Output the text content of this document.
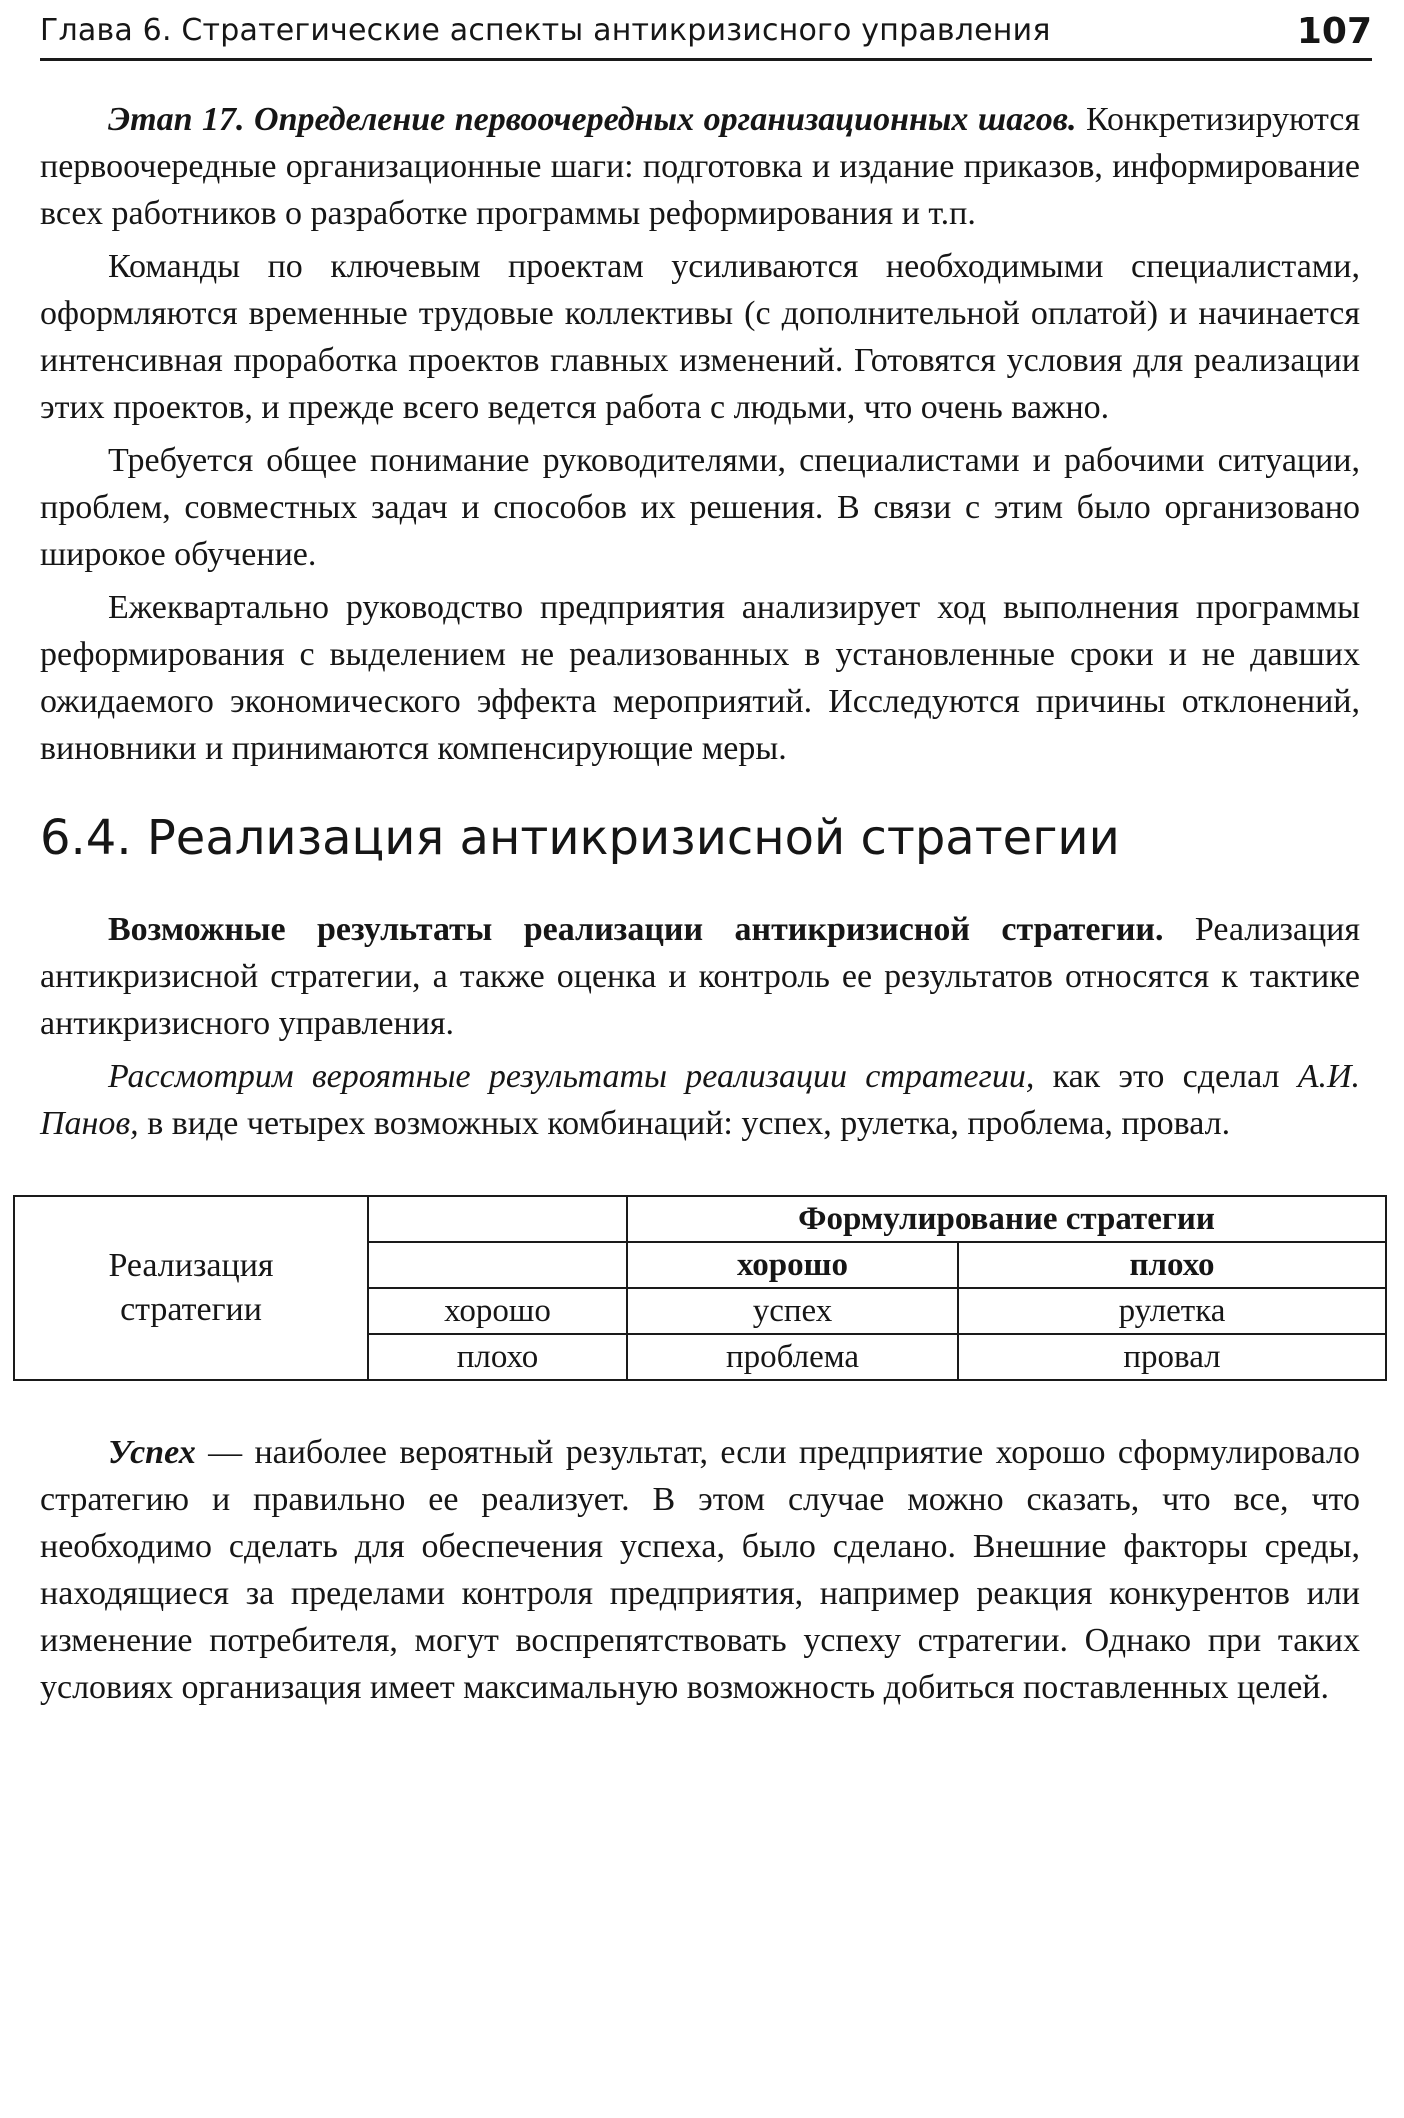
Глава 6. Стратегические аспекты антикризисного управления	107

Этап 17. Определение первоочередных организационных шагов. Конкретизируются первоочередные организационные шаги: подготовка и издание приказов, информирование всех работников о разработке программы реформирования и т.п.

Команды по ключевым проектам усиливаются необходимыми специалистами, оформляются временные трудовые коллективы (с дополнительной оплатой) и начинается интенсивная проработка проектов главных изменений. Готовятся условия для реализации этих проектов, и прежде всего ведется работа с людьми, что очень важно.

Требуется общее понимание руководителями, специалистами и рабочими ситуации, проблем, совместных задач и способов их решения. В связи с этим было организовано широкое обучение.

Ежеквартально руководство предприятия анализирует ход выполнения программы реформирования с выделением не реализованных в установленные сроки и не давших ожидаемого экономического эффекта мероприятий. Исследуются причины отклонений, виновники и принимаются компенсирующие меры.

6.4. Реализация антикризисной стратегии

Возможные результаты реализации антикризисной стратегии. Реализация антикризисной стратегии, а также оценка и контроль ее результатов относятся к тактике антикризисного управления.

Рассмотрим вероятные результаты реализации стратегии, как это сделал А.И. Панов, в виде четырех возможных комбинаций: успех, рулетка, проблема, провал.

Реализация
стратегии		Формулирование стратегии	
		хорошо	плохо
	хорошо	успех	рулетка
	плохо	проблема	провал

Успех — наиболее вероятный результат, если предприятие хорошо сформулировало стратегию и правильно ее реализует. В этом случае можно сказать, что все, что необходимо сделать для обеспечения успеха, было сделано. Внешние факторы среды, находящиеся за пределами контроля предприятия, например реакция конкурентов или изменение потребителя, могут воспрепятствовать успеху стратегии. Однако при таких условиях организация имеет максимальную возможность добиться поставленных целей.
